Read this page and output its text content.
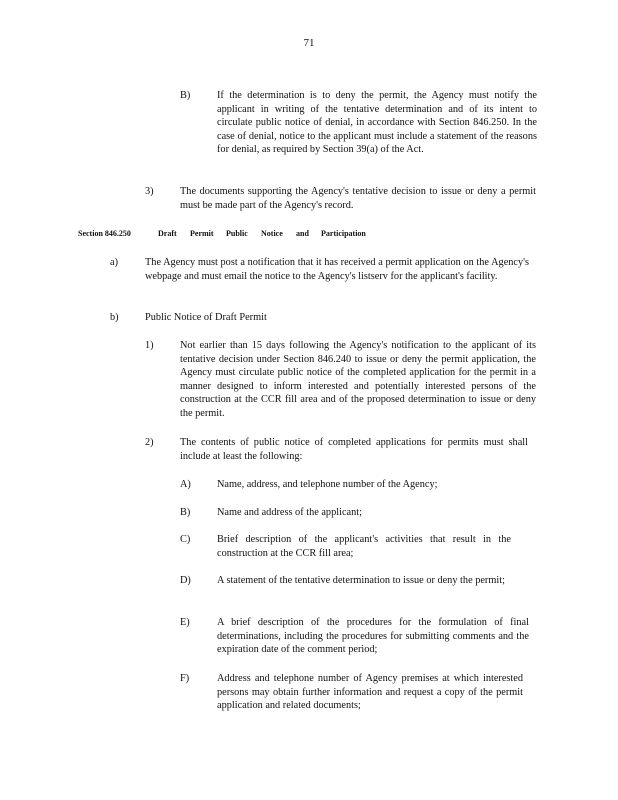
71
B)	If the determination is to deny the permit, the Agency must notify the applicant in writing of the tentative determination and of its intent to circulate public notice of denial, in accordance with Section 846.250. In the case of denial, notice to the applicant must include a statement of the reasons for denial, as required by Section 39(a) of the Act.
3)	The documents supporting the Agency's tentative decision to issue or deny a permit must be made part of the Agency's record.
Section 846.250	Draft Permit Public Notice and Participation
a)	The Agency must post a notification that it has received a permit application on the Agency's webpage and must email the notice to the Agency's listserv for the applicant's facility.
b)	Public Notice of Draft Permit
1)	Not earlier than 15 days following the Agency's notification to the applicant of its tentative decision under Section 846.240 to issue or deny the permit application, the Agency must circulate public notice of the completed application for the permit in a manner designed to inform interested and potentially interested persons of the construction at the CCR fill area and of the proposed determination to issue or deny the permit.
2)	The contents of public notice of completed applications for permits must shall include at least the following:
A)	Name, address, and telephone number of the Agency;
B)	Name and address of the applicant;
C)	Brief description of the applicant's activities that result in the construction at the CCR fill area;
D)	A statement of the tentative determination to issue or deny the permit;
E)	A brief description of the procedures for the formulation of final determinations, including the procedures for submitting comments and the expiration date of the comment period;
F)	Address and telephone number of Agency premises at which interested persons may obtain further information and request a copy of the permit application and related documents;
